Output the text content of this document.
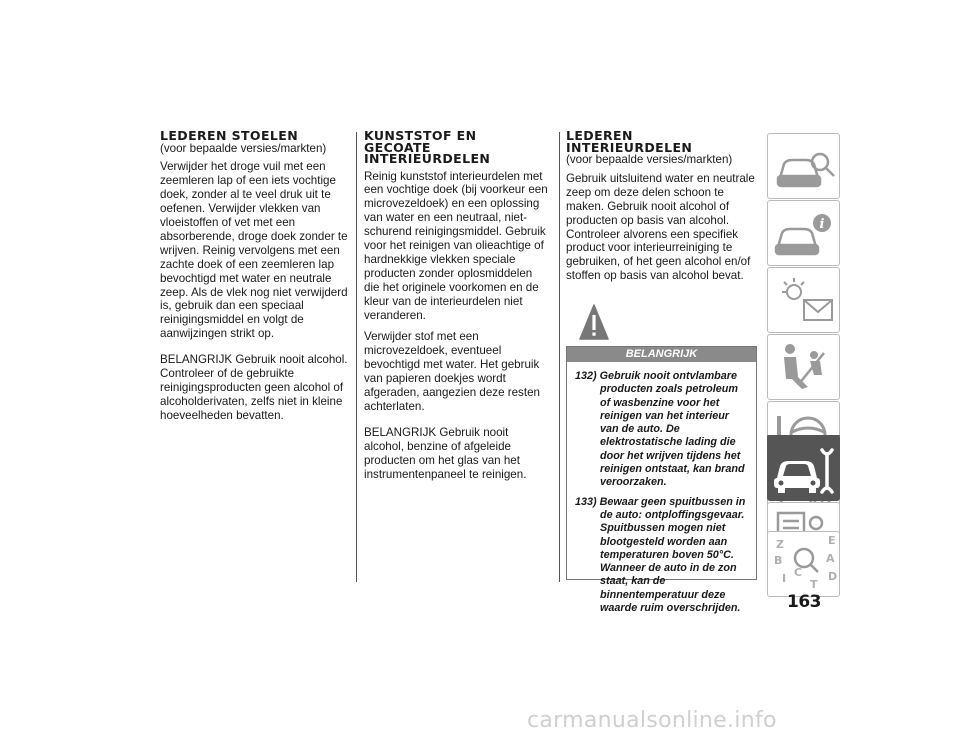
LEDEREN STOELEN
(voor bepaalde versies/markten)

Verwijder het droge vuil met een zeemleren lap of een iets vochtige doek, zonder al te veel druk uit te oefenen. Verwijder vlekken van vloeistoffen of vet met een absorberende, droge doek zonder te wrijven. Reinig vervolgens met een zachte doek of een zeemleren lap bevochtigd met water en neutrale zeep. Als de vlek nog niet verwijderd is, gebruik dan een speciaal reinigingsmiddel en volgt de aanwijzingen strikt op.

BELANGRIJK Gebruik nooit alcohol. Controleer of de gebruikte reinigingsproducten geen alcohol of alcoholderivaten, zelfs niet in kleine hoeveelheden bevatten.

KUNSTSTOF EN
GECOATE
INTERIEURDELEN

Reinig kunststof interieurdelen met een vochtige doek (bij voorkeur een microvezeldoek) en een oplossing van water en een neutraal, niet-schurend reinigingsmiddel. Gebruik voor het reinigen van olieachtige of hardnekkige vlekken speciale producten zonder oplosmiddelen die het originele voorkomen en de kleur van de interieurdelen niet veranderen.

Verwijder stof met een microvezeldoek, eventueel bevochtigd met water. Het gebruik van papieren doekjes wordt afgeraden, aangezien deze resten achterlaten.

BELANGRIJK Gebruik nooit alcohol, benzine of afgeleide producten om het glas van het instrumentenpaneel te reinigen.

LEDEREN
INTERIEURDELEN
(voor bepaalde versies/markten)

Gebruik uitsluitend water en neutrale zeep om deze delen schoon te maken. Gebruik nooit alcohol of producten op basis van alcohol. Controleer alvorens een specifiek product voor interieurreiniging te gebruiken, of het geen alcohol en/of stoffen op basis van alcohol bevat.

BELANGRIJK
132) Gebruik nooit ontvlambare producten zoals petroleum of wasbenzine voor het reinigen van het interieur van de auto. De elektrostatische lading die door het wrijven tijdens het reinigen ontstaat, kan brand veroorzaken.
133) Bewaar geen spuitbussen in de auto: ontploffingsgevaar. Spuitbussen mogen niet blootgesteld worden aan temperaturen boven 50°C. Wanneer de auto in de zon staat, kan de binnentemperatuur deze waarde ruim overschrijden.
i
Z	E
B	A
I C
T
D
163
carmanualsonline.info
